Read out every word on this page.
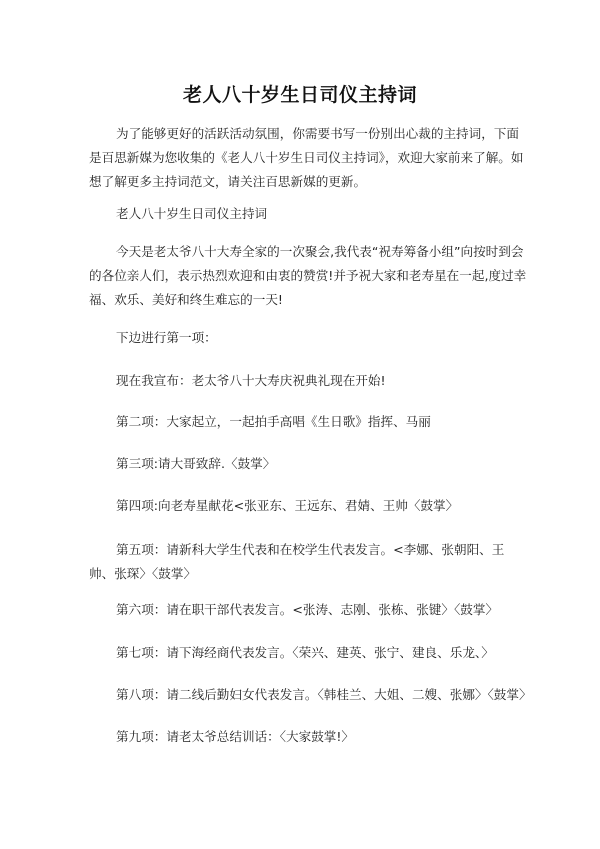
老人八十岁生日司仪主持词

为了能够更好的活跃活动氛围，你需要书写一份别出心裁的主持词，下面是百思新媒为您收集的《老人八十岁生日司仪主持词》，欢迎大家前来了解。如想了解更多主持词范文，请关注百思新媒的更新。

老人八十岁生日司仪主持词

今天是老太爷八十大寿全家的一次聚会,我代表“祝寿筹备小组”向按时到会的各位亲人们，表示热烈欢迎和由衷的赞赏!并予祝大家和老寿星在一起,度过幸福、欢乐、美好和终生难忘的一天!

下边进行第一项：

现在我宣布：老太爷八十大寿庆祝典礼现在开始!

第二项：大家起立，一起拍手高唱《生日歌》指挥、马丽

第三项:请大哥致辞.〈鼓掌〉

第四项:向老寿星献花<张亚东、王远东、君婧、王帅〈鼓掌〉

第五项：请新科大学生代表和在校学生代表发言。<李娜、张朝阳、王帅、张琛〉〈鼓掌〉

第六项：请在职干部代表发言。<张涛、志刚、张栋、张键〉〈鼓掌〉

第七项：请下海经商代表发言。〈荣兴、建英、张宁、建良、乐龙、〉

第八项：请二线后勤妇女代表发言。〈韩桂兰、大姐、二嫂、张娜〉〈鼓掌〉

第九项：请老太爷总结训话：〈大家鼓掌!〉
